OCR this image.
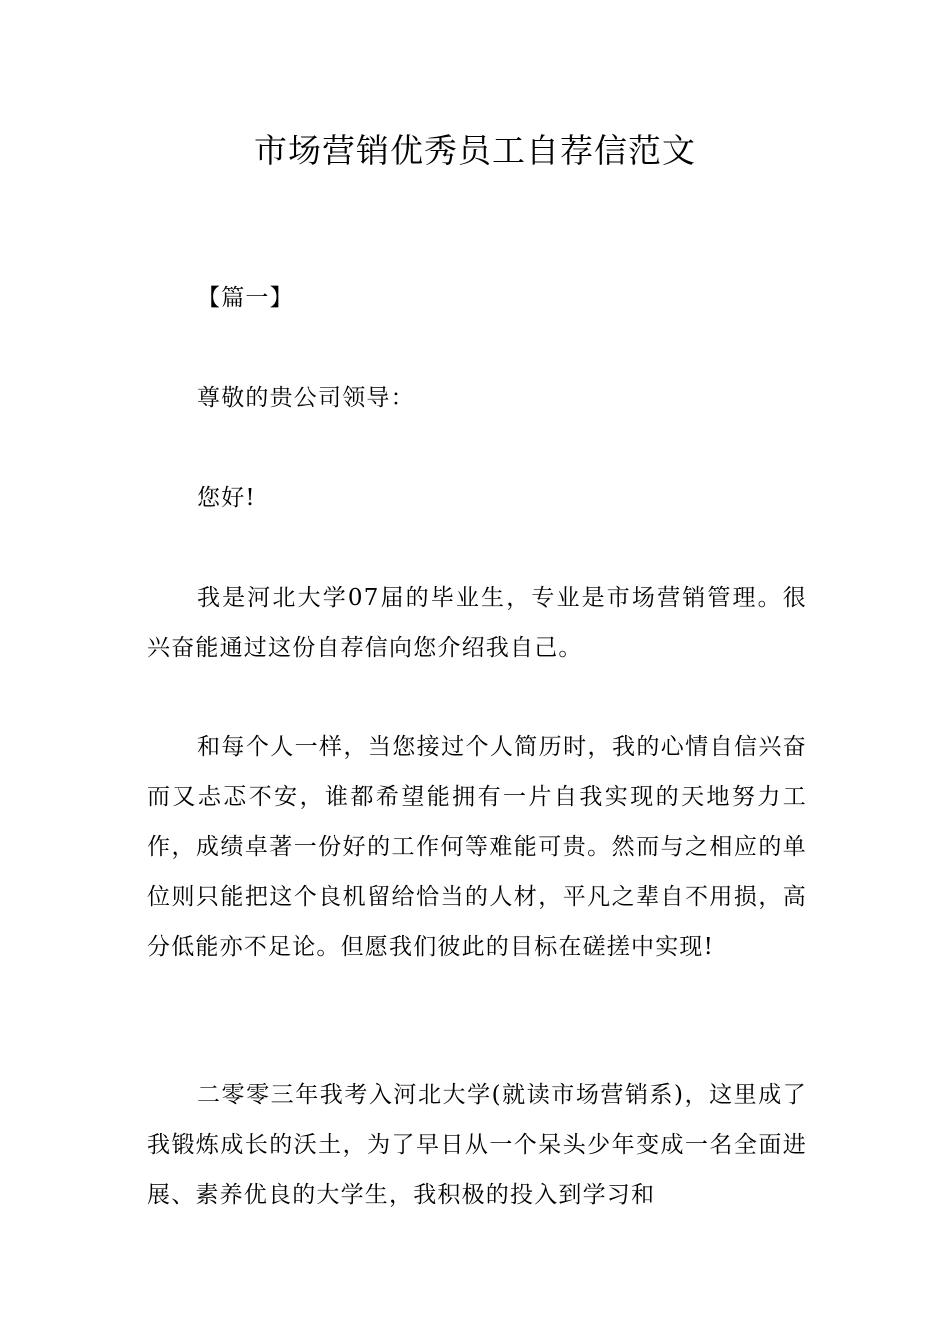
市场营销优秀员工自荐信范文

【篇一】

尊敬的贵公司领导：

您好!

我是河北大学07届的毕业生，专业是市场营销管理。很兴奋能通过这份自荐信向您介绍我自己。

和每个人一样，当您接过个人简历时，我的心情自信兴奋而又忐忑不安，谁都希望能拥有一片自我实现的天地努力工作，成绩卓著一份好的工作何等难能可贵。然而与之相应的单位则只能把这个良机留给恰当的人材，平凡之辈自不用损，高分低能亦不足论。但愿我们彼此的目标在磋搓中实现!

二零零三年我考入河北大学(就读市场营销系)，这里成了我锻炼成长的沃土，为了早日从一个呆头少年变成一名全面进展、素养优良的大学生，我积极的投入到学习和
